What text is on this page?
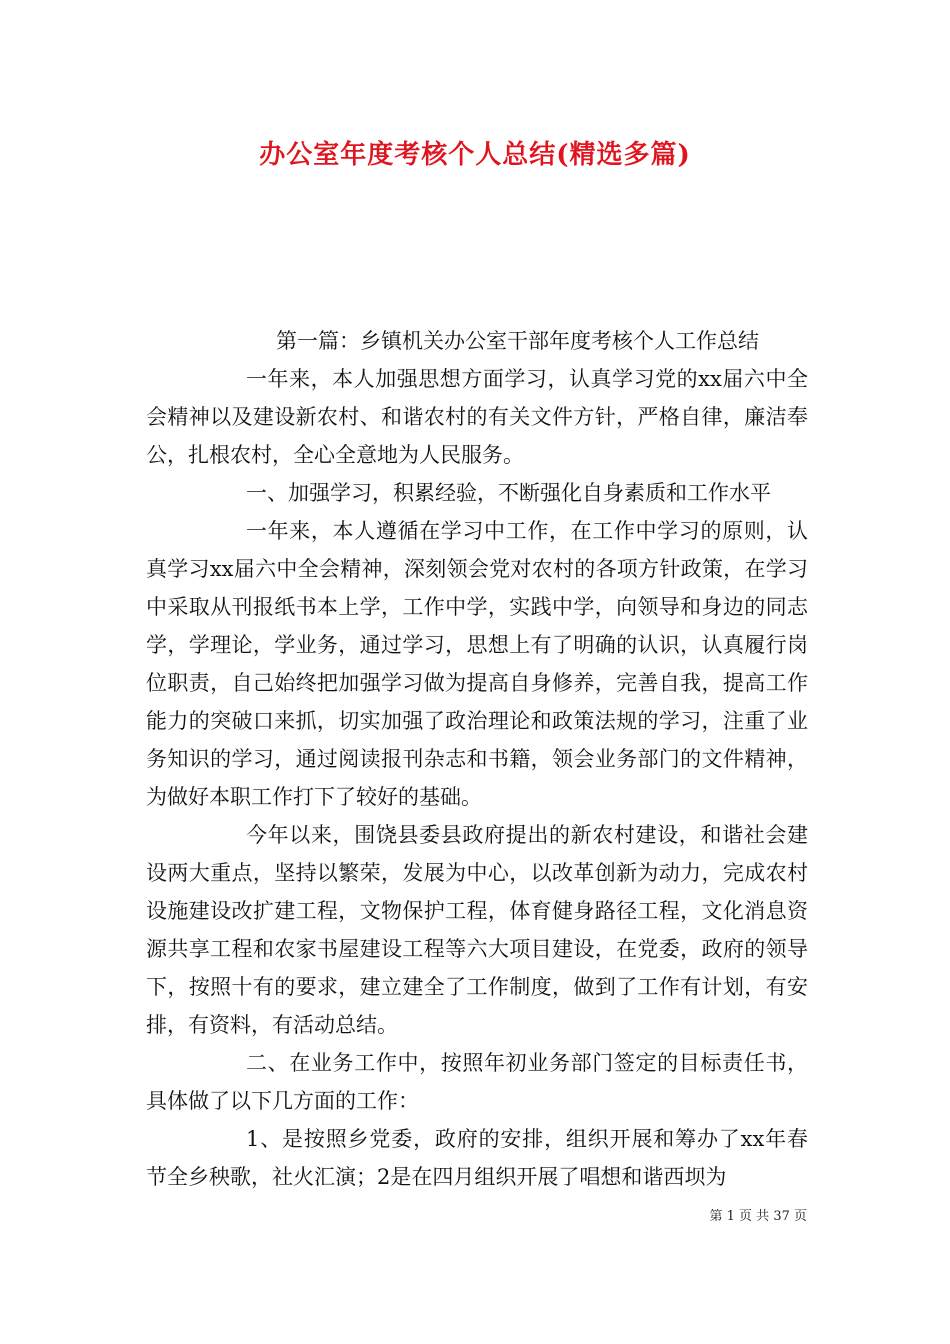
办公室年度考核个人总结(精选多篇)

第一篇：乡镇机关办公室干部年度考核个人工作总结

一年来，本人加强思想方面学习，认真学习党的xx届六中全会精神以及建设新农村、和谐农村的有关文件方针，严格自律，廉洁奉公，扎根农村，全心全意地为人民服务。

一、加强学习，积累经验，不断强化自身素质和工作水平

一年来，本人遵循在学习中工作，在工作中学习的原则，认真学习xx届六中全会精神，深刻领会党对农村的各项方针政策，在学习中采取从刊报纸书本上学，工作中学，实践中学，向领导和身边的同志学，学理论，学业务，通过学习，思想上有了明确的认识，认真履行岗位职责，自己始终把加强学习做为提高自身修养，完善自我，提高工作能力的突破口来抓，切实加强了政治理论和政策法规的学习，注重了业务知识的学习，通过阅读报刊杂志和书籍，领会业务部门的文件精神，为做好本职工作打下了较好的基础。

今年以来，围饶县委县政府提出的新农村建设，和谐社会建设两大重点，坚持以繁荣，发展为中心，以改革创新为动力，完成农村设施建设改扩建工程，文物保护工程，体育健身路径工程，文化消息资源共享工程和农家书屋建设工程等六大项目建设，在党委，政府的领导下，按照十有的要求，建立建全了工作制度，做到了工作有计划，有安排，有资料，有活动总结。

二、在业务工作中，按照年初业务部门签定的目标责任书，具体做了以下几方面的工作：

1、是按照乡党委，政府的安排，组织开展和筹办了xx年春节全乡秧歌，社火汇演；2是在四月组织开展了唱想和谐西坝为

第 1 页 共 37 页
